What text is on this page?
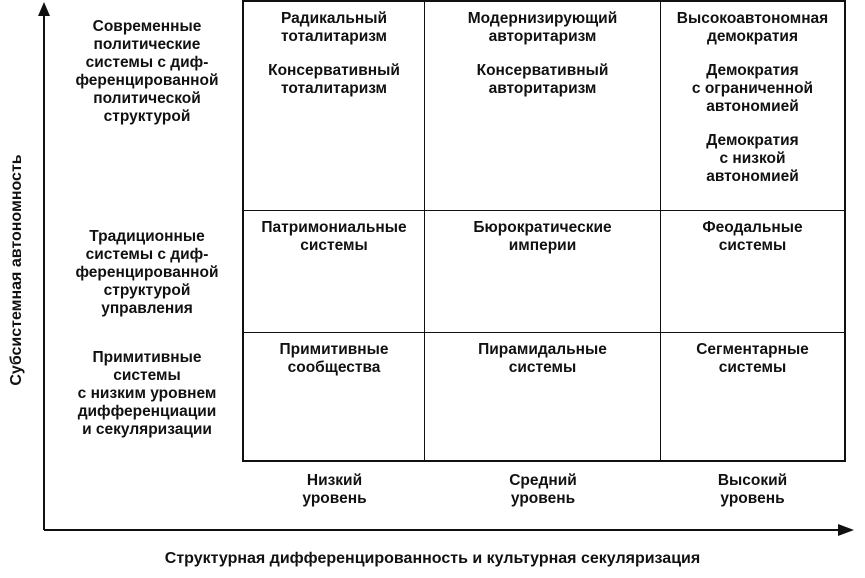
Субсистемная автономность
Современные
политические
системы с диф-
ференцированной
политической
структурой
Традиционные
системы с диф-
ференцированной
структурой
управления
Примитивные
системы
с низким уровнем
дифференциации
и секуляризации

Радикальный
тоталитаризм

Консервативный
тоталитаризм

Модернизирующий
авторитаризм

Консервативный
авторитаризм

Высокоавтономная
демократия

Демократия
с ограниченной
автономией

Демократия
с низкой
автономией

Патримониальные
системы

Бюрократические
империи

Феодальные
системы

Примитивные
сообщества

Пирамидальные
системы

Сегментарные
системы

Низкий
уровень
Средний
уровень
Высокий
уровень
Структурная дифференцированность и культурная секуляризация
